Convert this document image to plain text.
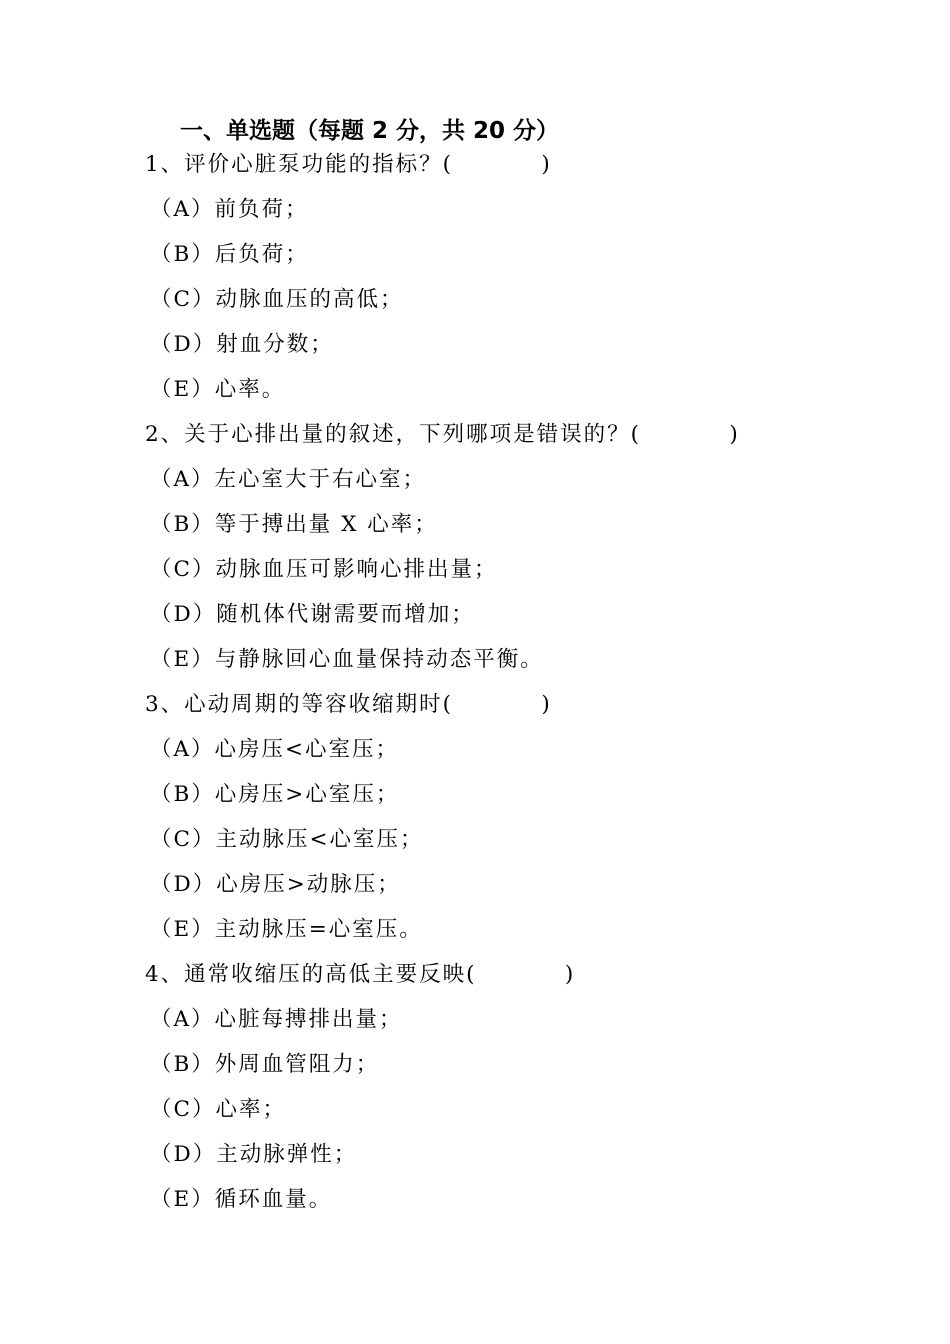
一、单选题（每题 2 分，共 20 分）
1、评价心脏泵功能的指标？(          )
（A）前负荷；
（B）后负荷；
（C）动脉血压的高低；
（D）射血分数；
（E）心率。
2、关于心排出量的叙述，下列哪项是错误的？(          )
（A）左心室大于右心室；
（B）等于搏出量 X 心率；
（C）动脉血压可影响心排出量；
（D）随机体代谢需要而增加；
（E）与静脉回心血量保持动态平衡。
3、心动周期的等容收缩期时(          )
（A）心房压<心室压；
（B）心房压>心室压；
（C）主动脉压<心室压；
（D）心房压>动脉压；
（E）主动脉压=心室压。
4、通常收缩压的高低主要反映(          )
（A）心脏每搏排出量；
（B）外周血管阻力；
（C）心率；
（D）主动脉弹性；
（E）循环血量。
